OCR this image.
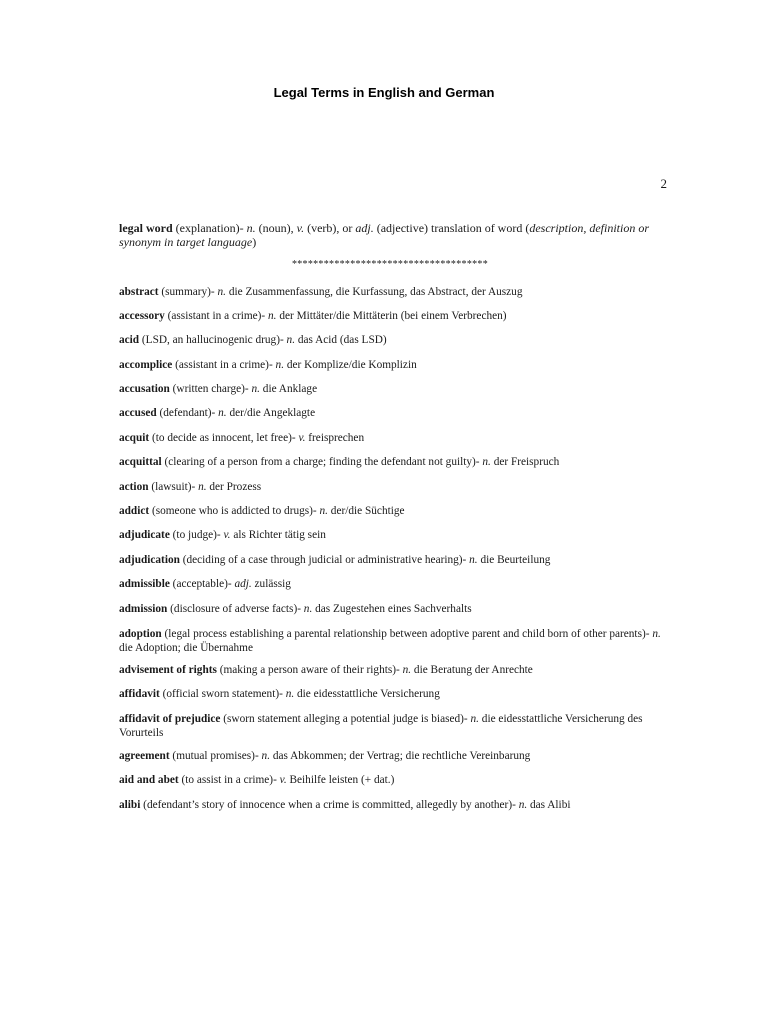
Legal Terms in English and German
2
legal word (explanation)- n. (noun), v. (verb), or adj. (adjective) translation of word (description, definition or synonym in target language)
*************************************
abstract (summary)- n. die Zusammenfassung, die Kurfassung, das Abstract, der Auszug
accessory (assistant in a crime)- n. der Mittäter/die Mittäterin (bei einem Verbrechen)
acid (LSD, an hallucinogenic drug)- n. das Acid (das LSD)
accomplice (assistant in a crime)- n. der Komplize/die Komplizin
accusation (written charge)- n. die Anklage
accused (defendant)- n. der/die Angeklagte
acquit (to decide as innocent, let free)- v. freisprechen
acquittal (clearing of a person from a charge; finding the defendant not guilty)- n. der Freispruch
action (lawsuit)- n. der Prozess
addict (someone who is addicted to drugs)- n. der/die Süchtige
adjudicate (to judge)- v. als Richter tätig sein
adjudication (deciding of a case through judicial or administrative hearing)- n. die Beurteilung
admissible (acceptable)- adj. zulässig
admission (disclosure of adverse facts)- n. das Zugestehen eines Sachverhalts
adoption (legal process establishing a parental relationship between adoptive parent and child born of other parents)- n. die Adoption; die Übernahme
advisement of rights (making a person aware of their rights)- n. die Beratung der Anrechte
affidavit (official sworn statement)- n. die eidesstattliche Versicherung
affidavit of prejudice (sworn statement alleging a potential judge is biased)- n. die eidesstattliche Versicherung des Vorurteils
agreement (mutual promises)- n. das Abkommen; der Vertrag; die rechtliche Vereinbarung
aid and abet (to assist in a crime)- v. Beihilfe leisten (+ dat.)
alibi (defendant’s story of innocence when a crime is committed, allegedly by another)- n. das Alibi
